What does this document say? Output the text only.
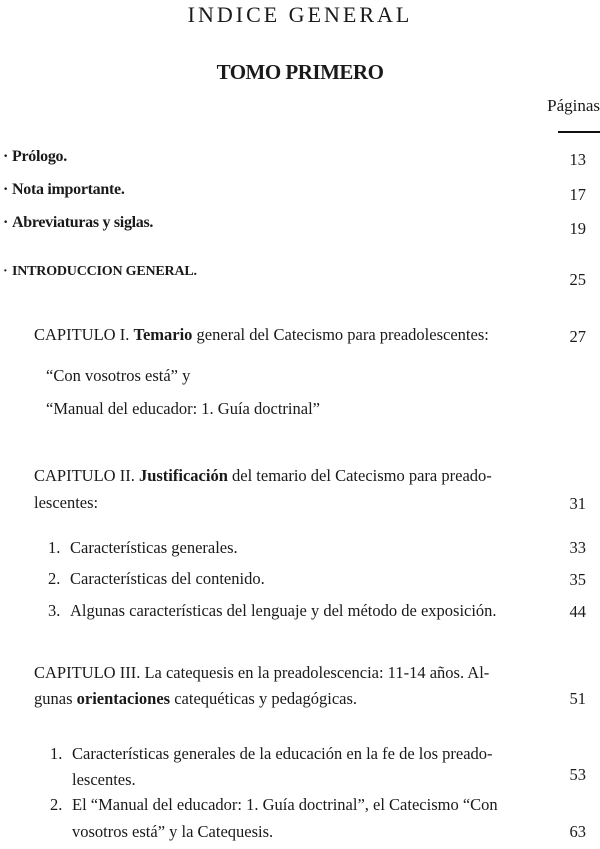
INDICE GENERAL
TOMO PRIMERO
Páginas
· Prólogo.	13
· Nota importante.	17
· Abreviaturas y siglas.	19
· INTRODUCCION GENERAL.	25
CAPITULO I. Temario general del Catecismo para preadolescentes:	27
“Con vosotros está” y
“Manual del educador: 1. Guía doctrinal”
CAPITULO II. Justificación del temario del Catecismo para preado-
lescentes:	31
1. Características generales.	33
2. Características del contenido.	35
3. Algunas características del lenguaje y del método de exposición.	44
CAPITULO III. La catequesis en la preadolescencia: 11-14 años. Al-
gunas orientaciones catequéticas y pedagógicas.	51
1. Características generales de la educación en la fe de los preado-
lescentes.	53
2. El “Manual del educador: 1. Guía doctrinal”, el Catecismo “Con
vosotros está” y la Catequesis.	63
